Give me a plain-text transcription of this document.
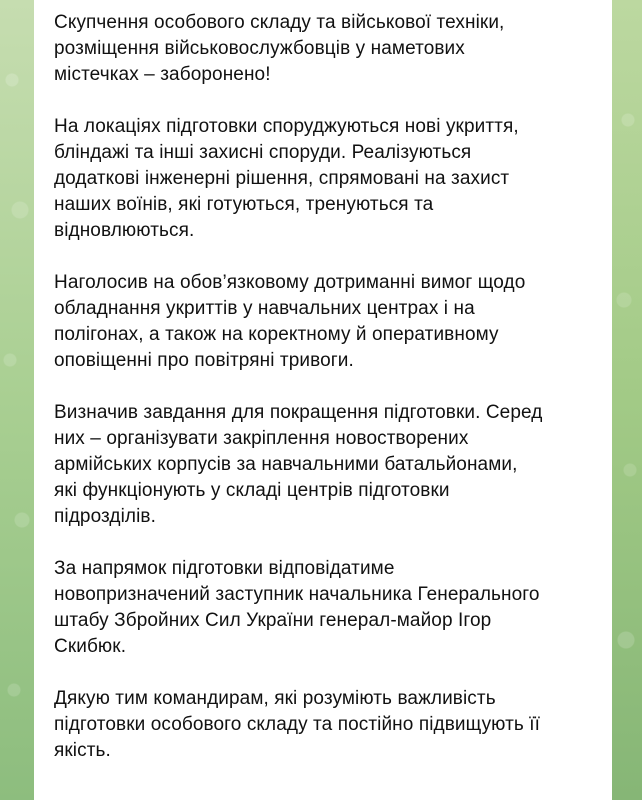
Скупчення особового складу та військової техніки,
розміщення військовослужбовців у наметових
містечках – заборонено!

На локаціях підготовки споруджуються нові укриття,
бліндажі та інші захисні споруди. Реалізуються
додаткові інженерні рішення, спрямовані на захист
наших воїнів, які готуються, тренуються та
відновлюються.

Наголосив на обов’язковому дотриманні вимог щодо
обладнання укриттів у навчальних центрах і на
полігонах, а також на коректному й оперативному
оповіщенні про повітряні тривоги.

Визначив завдання для покращення підготовки. Серед
них – організувати закріплення новостворених
армійських корпусів за навчальними батальйонами,
які функціонують у складі центрів підготовки
підрозділів.

За напрямок підготовки відповідатиме
новопризначений заступник начальника Генерального
штабу Збройних Сил України генерал-майор Ігор
Скибюк.

Дякую тим командирам, які розуміють важливість
підготовки особового складу та постійно підвищують її
якість.
